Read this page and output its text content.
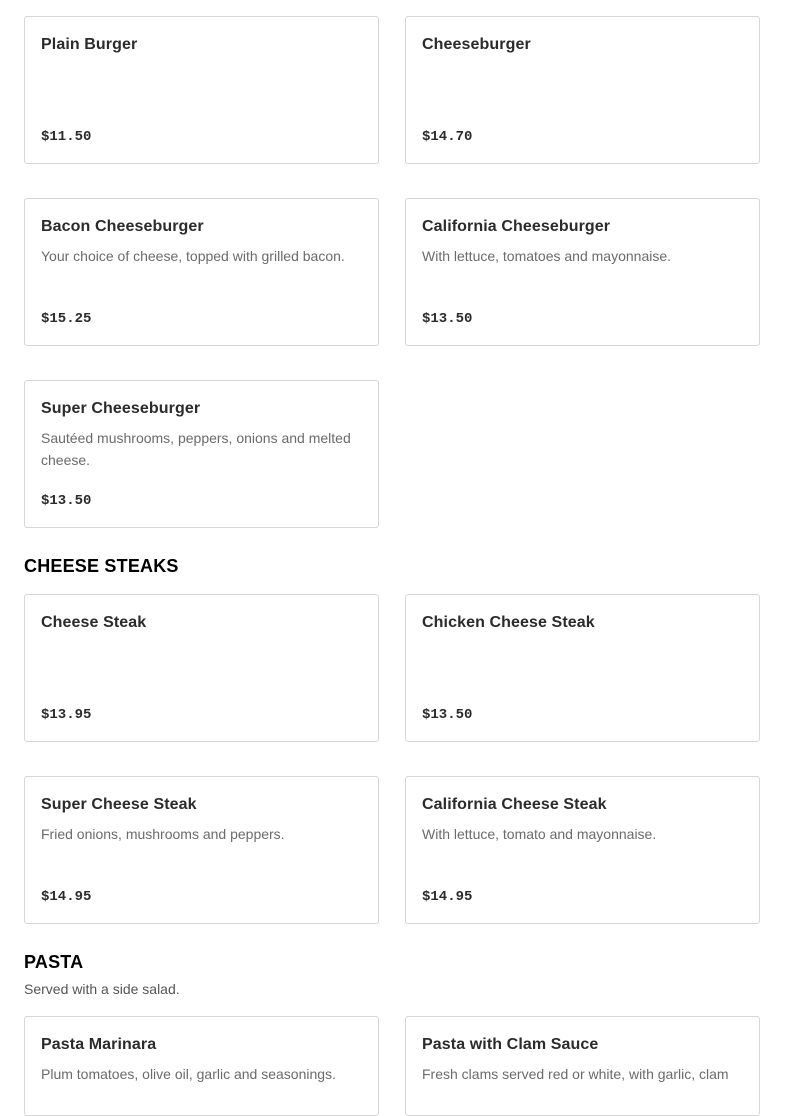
Plain Burger
$11.50
Cheeseburger
$14.70
Bacon Cheeseburger
Your choice of cheese, topped with grilled bacon.
$15.25
California Cheeseburger
With lettuce, tomatoes and mayonnaise.
$13.50
Super Cheeseburger
Sautéed mushrooms, peppers, onions and melted cheese.
$13.50
CHEESE STEAKS
Cheese Steak
$13.95
Chicken Cheese Steak
$13.50
Super Cheese Steak
Fried onions, mushrooms and peppers.
$14.95
California Cheese Steak
With lettuce, tomato and mayonnaise.
$14.95
PASTA
Served with a side salad.
Pasta Marinara
Plum tomatoes, olive oil, garlic and seasonings.
Pasta with Clam Sauce
Fresh clams served red or white, with garlic, clam
